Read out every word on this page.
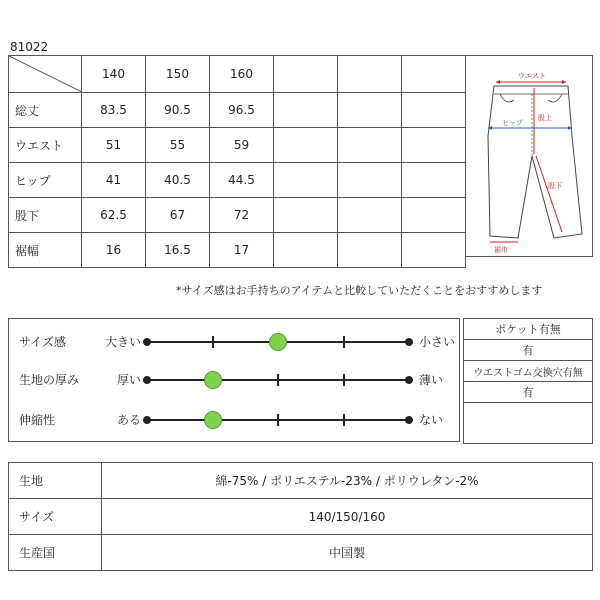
81022
	140	150	160			
総丈	83.5	90.5	96.5			
ウエスト	51	55	59			
ヒップ	41	40.5	44.5			
股下	62.5	67	72			
裾幅	16	16.5	17			
ウエスト
股上
ヒップ
股下
裾巾
*サイズ感はお手持ちのアイテムと比較していただくことをおすすめします
サイズ感	大きい	小さい
生地の厚み	厚い	薄い
伸縮性	ある	ない
ポケット有無
有
ウエストゴム交換穴有無
有

生地	綿-75% / ポリエステル-23% / ポリウレタン-2%
サイズ	140/150/160
生産国	中国製
